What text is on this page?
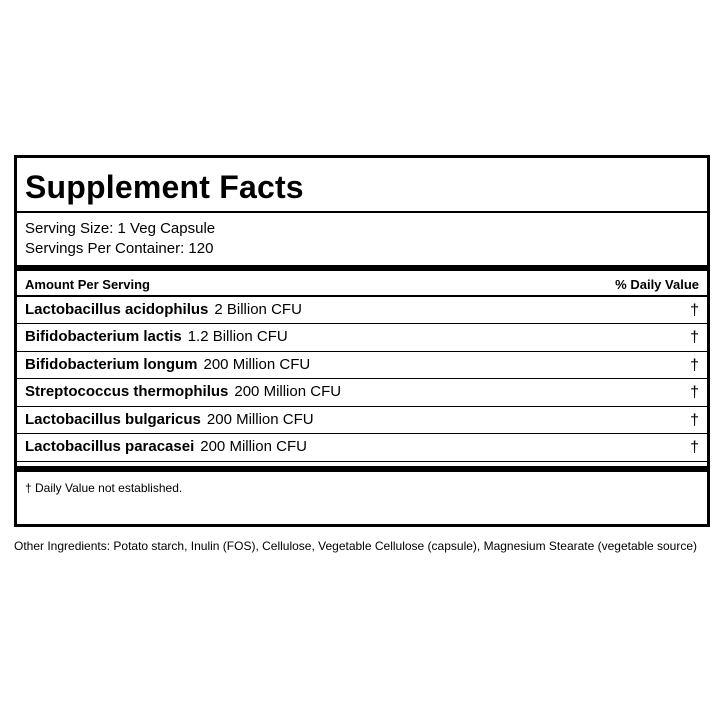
Supplement Facts
Serving Size: 1 Veg Capsule
Servings Per Container: 120
Amount Per Serving	% Daily Value
Lactobacillus acidophilus 2 Billion CFU	†
Bifidobacterium lactis 1.2 Billion CFU	†
Bifidobacterium longum 200 Million CFU	†
Streptococcus thermophilus 200 Million CFU	†
Lactobacillus bulgaricus 200 Million CFU	†
Lactobacillus paracasei 200 Million CFU	†
† Daily Value not established.
Other Ingredients: Potato starch, Inulin (FOS), Cellulose, Vegetable Cellulose (capsule), Magnesium Stearate (vegetable source)
